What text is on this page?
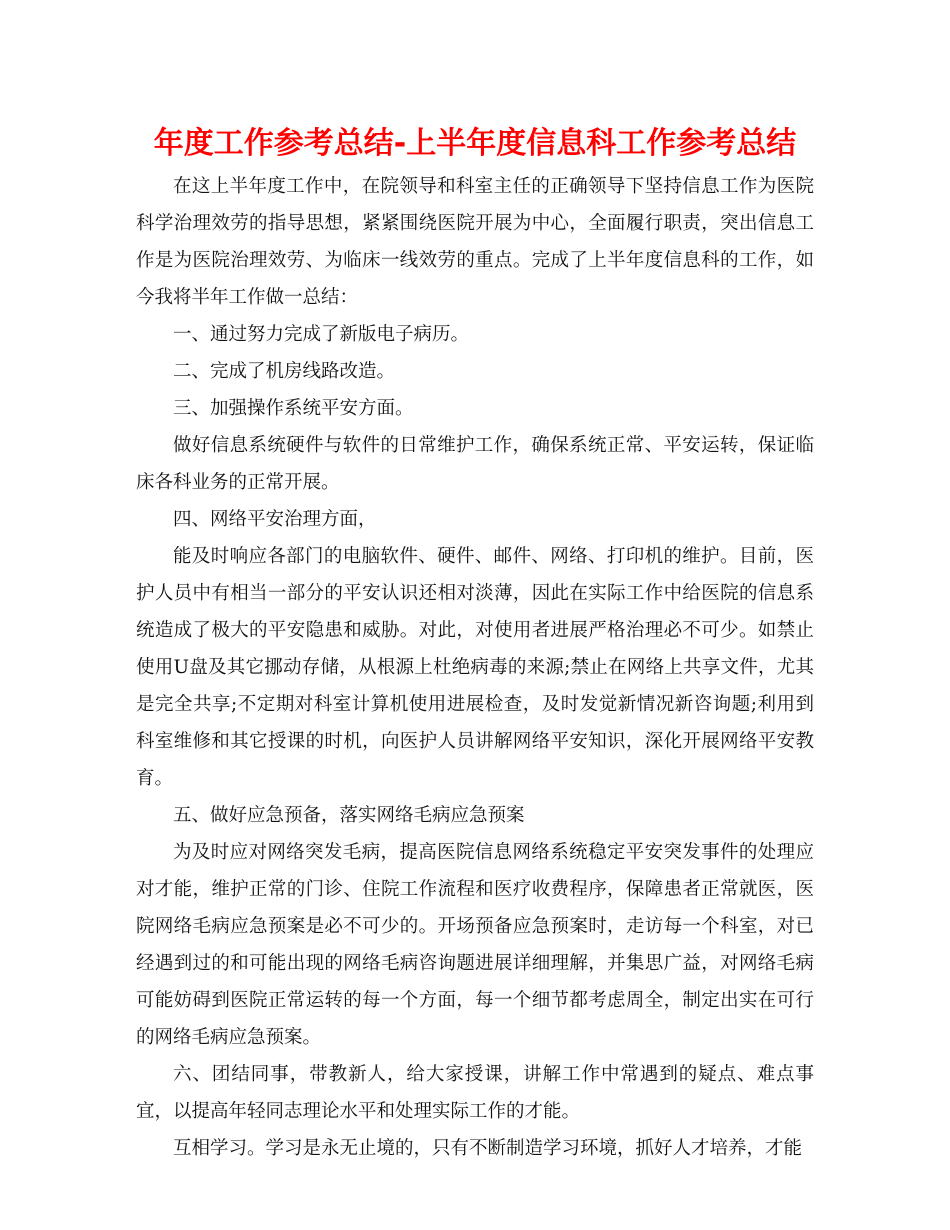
年度工作参考总结-上半年度信息科工作参考总结

在这上半年度工作中，在院领导和科室主任的正确领导下坚持信息工作为医院科学治理效劳的指导思想，紧紧围绕医院开展为中心，全面履行职责，突出信息工作是为医院治理效劳、为临床一线效劳的重点。完成了上半年度信息科的工作，如今我将半年工作做一总结：

一、通过努力完成了新版电子病历。

二、完成了机房线路改造。

三、加强操作系统平安方面。

做好信息系统硬件与软件的日常维护工作，确保系统正常、平安运转，保证临床各科业务的正常开展。

四、网络平安治理方面，

能及时响应各部门的电脑软件、硬件、邮件、网络、打印机的维护。目前，医护人员中有相当一部分的平安认识还相对淡薄，因此在实际工作中给医院的信息系统造成了极大的平安隐患和威胁。对此，对使用者进展严格治理必不可少。如禁止使用U盘及其它挪动存储，从根源上杜绝病毒的来源;禁止在网络上共享文件，尤其是完全共享;不定期对科室计算机使用进展检查，及时发觉新情况新咨询题;利用到科室维修和其它授课的时机，向医护人员讲解网络平安知识，深化开展网络平安教育。

五、做好应急预备，落实网络毛病应急预案

为及时应对网络突发毛病，提高医院信息网络系统稳定平安突发事件的处理应对才能，维护正常的门诊、住院工作流程和医疗收费程序，保障患者正常就医，医院网络毛病应急预案是必不可少的。开场预备应急预案时，走访每一个科室，对已经遇到过的和可能出现的网络毛病咨询题进展详细理解，并集思广益，对网络毛病可能妨碍到医院正常运转的每一个方面，每一个细节都考虑周全，制定出实在可行的网络毛病应急预案。

六、团结同事，带教新人，给大家授课，讲解工作中常遇到的疑点、难点事宜，以提高年轻同志理论水平和处理实际工作的才能。

互相学习。学习是永无止境的，只有不断制造学习环境，抓好人才培养，才能
